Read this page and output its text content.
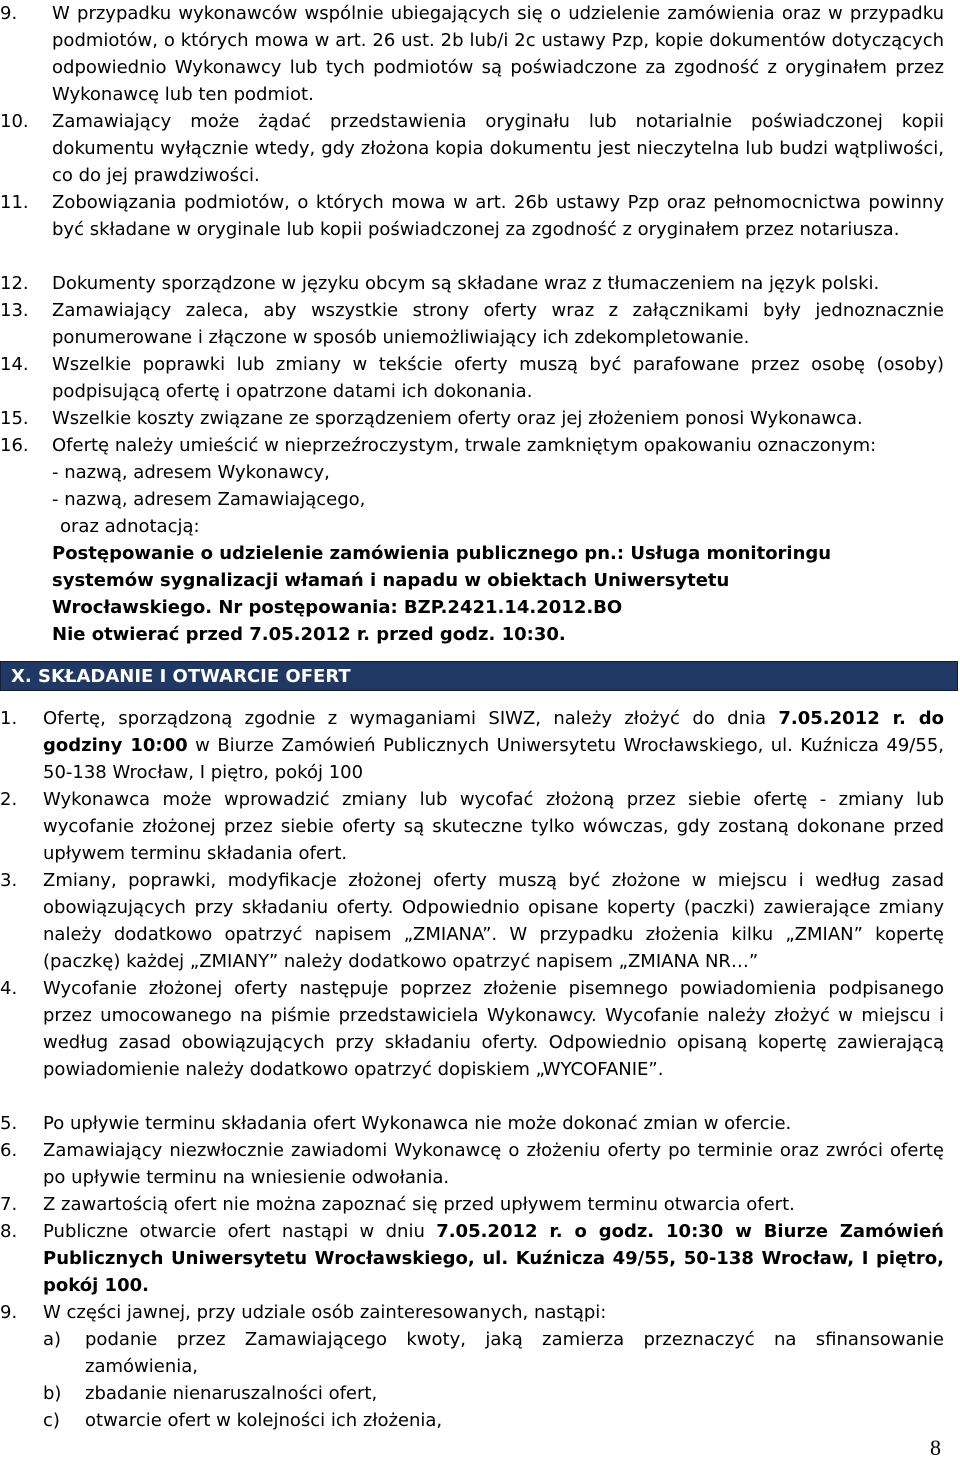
9.	W przypadku wykonawców wspólnie ubiegających się o udzielenie zamówienia oraz w przypadku podmiotów, o których mowa w art. 26 ust. 2b lub/i 2c ustawy Pzp, kopie dokumentów dotyczących odpowiednio Wykonawcy lub tych podmiotów są poświadczone za zgodność z oryginałem przez Wykonawcę lub ten podmiot.
10.	Zamawiający może żądać przedstawienia oryginału lub notarialnie poświadczonej kopii dokumentu wyłącznie wtedy, gdy złożona kopia dokumentu jest nieczytelna lub budzi wątpliwości, co do jej prawdziwości.
11.	Zobowiązania podmiotów, o których mowa w art. 26b ustawy Pzp oraz pełnomocnictwa powinny być składane w oryginale lub kopii poświadczonej za zgodność z oryginałem przez notariusza.
12.	Dokumenty sporządzone w języku obcym są składane wraz z tłumaczeniem na język polski.
13.	Zamawiający zaleca, aby wszystkie strony oferty wraz z załącznikami były jednoznacznie ponumerowane i złączone w sposób uniemożliwiający ich zdekompletowanie.
14.	Wszelkie poprawki lub zmiany w tekście oferty muszą być parafowane przez osobę (osoby) podpisującą ofertę i opatrzone datami ich dokonania.
15.	Wszelkie koszty związane ze sporządzeniem oferty oraz jej złożeniem ponosi Wykonawca.
16.	Ofertę należy umieścić w nieprzeźroczystym, trwale zamkniętym opakowaniu oznaczonym:
- nazwą, adresem Wykonawcy,
- nazwą, adresem Zamawiającego,
oraz adnotacją:
Postępowanie o udzielenie zamówienia publicznego pn.: Usługa monitoringu
systemów sygnalizacji włamań i napadu w obiektach Uniwersytetu
Wrocławskiego. Nr postępowania: BZP.2421.14.2012.BO
Nie otwierać przed 7.05.2012 r. przed godz. 10:30.
X. SKŁADANIE I OTWARCIE OFERT
1.	Ofertę, sporządzoną zgodnie z wymaganiami SIWZ, należy złożyć do dnia 7.05.2012 r. do godziny 10:00 w Biurze Zamówień Publicznych Uniwersytetu Wrocławskiego, ul. Kuźnicza 49/55, 50-138 Wrocław, I piętro, pokój 100
2.	Wykonawca może wprowadzić zmiany lub wycofać złożoną przez siebie ofertę - zmiany lub wycofanie złożonej przez siebie oferty są skuteczne tylko wówczas, gdy zostaną dokonane przed upływem terminu składania ofert.
3.	Zmiany, poprawki, modyfikacje złożonej oferty muszą być złożone w miejscu i według zasad obowiązujących przy składaniu oferty. Odpowiednio opisane koperty (paczki) zawierające zmiany należy dodatkowo opatrzyć napisem „ZMIANA”. W przypadku złożenia kilku „ZMIAN” kopertę (paczkę) każdej „ZMIANY” należy dodatkowo opatrzyć napisem „ZMIANA NR…”
4.	Wycofanie złożonej oferty następuje poprzez złożenie pisemnego powiadomienia podpisanego przez umocowanego na piśmie przedstawiciela Wykonawcy. Wycofanie należy złożyć w miejscu i według zasad obowiązujących przy składaniu oferty. Odpowiednio opisaną kopertę zawierającą powiadomienie należy dodatkowo opatrzyć dopiskiem „WYCOFANIE”.
5.	Po upływie terminu składania ofert Wykonawca nie może dokonać zmian w ofercie.
6.	Zamawiający niezwłocznie zawiadomi Wykonawcę o złożeniu oferty po terminie oraz zwróci ofertę po upływie terminu na wniesienie odwołania.
7.	Z zawartością ofert nie można zapoznać się przed upływem terminu otwarcia ofert.
8.	Publiczne otwarcie ofert nastąpi w dniu 7.05.2012 r. o godz. 10:30 w Biurze Zamówień Publicznych Uniwersytetu Wrocławskiego, ul. Kuźnicza 49/55, 50-138 Wrocław, I piętro, pokój 100.
9.	W części jawnej, przy udziale osób zainteresowanych, nastąpi:
a)	podanie przez Zamawiającego kwoty, jaką zamierza przeznaczyć na sfinansowanie zamówienia,
b)	zbadanie nienaruszalności ofert,
c)	otwarcie ofert w kolejności ich złożenia,
8
